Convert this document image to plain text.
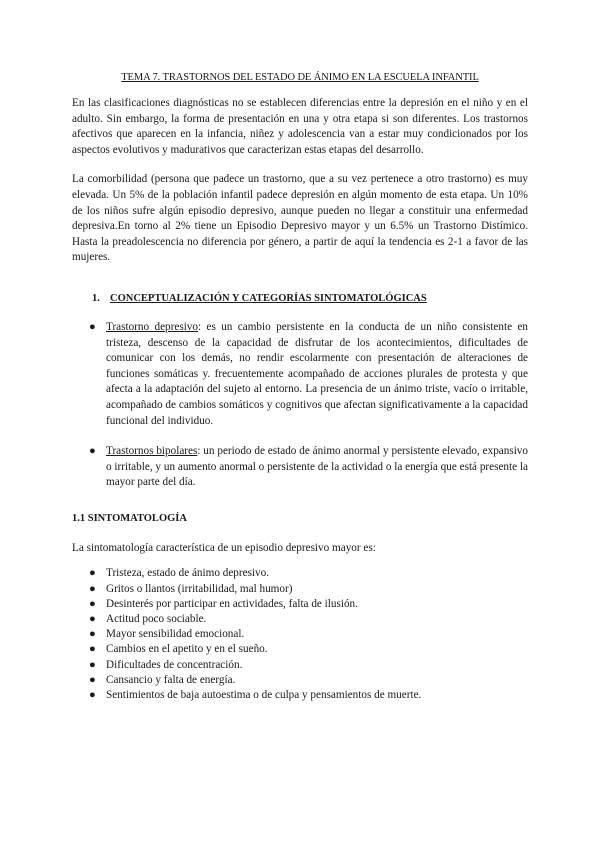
TEMA 7. TRASTORNOS DEL ESTADO DE ÁNIMO EN LA ESCUELA INFANTIL

En las clasificaciones diagnósticas no se establecen diferencias entre la depresión en el niño y en el adulto. Sin embargo, la forma de presentación en una y otra etapa si son diferentes. Los trastornos afectivos que aparecen en la infancia, niñez y adolescencia van a estar muy condicionados por los aspectos evolutivos y madurativos que caracterizan estas etapas del desarrollo.

La comorbilidad (persona que padece un trastorno, que a su vez pertenece a otro trastorno) es muy elevada. Un 5% de la población infantil padece depresión en algún momento de esta etapa. Un 10% de los niños sufre algún episodio depresivo, aunque pueden no llegar a constituir una enfermedad depresiva.En torno al 2% tiene un Episodio Depresivo mayor y un 6.5% un Trastorno Distímico. Hasta la preadolescencia no diferencia por género, a partir de aquí la tendencia es 2-1 a favor de las mujeres.

1. CONCEPTUALIZACIÓN Y CATEGORÍAS SINTOMATOLÓGICAS
● Trastorno depresivo: es un cambio persistente en la conducta de un niño consistente en tristeza, descenso de la capacidad de disfrutar de los acontecimientos, dificultades de comunicar con los demás, no rendir escolarmente con presentación de alteraciones de funciones somáticas y. frecuentemente acompañado de acciones plurales de protesta y que afecta a la adaptación del sujeto al entorno. La presencia de un ánimo triste, vacío o irritable, acompañado de cambios somáticos y cognitivos que afectan significativamente a la capacidad funcional del individuo.
● Trastornos bipolares: un periodo de estado de ánimo anormal y persistente elevado, expansivo o irritable, y un aumento anormal o persistente de la actividad o la energía que está presente la mayor parte del día.
1.1 SINTOMATOLOGÍA

La sintomatología característica de un episodio depresivo mayor es:

● Tristeza, estado de ánimo depresivo.
● Gritos o llantos (irritabilidad, mal humor)
● Desinterés por participar en actividades, falta de ilusión.
● Actitud poco sociable.
● Mayor sensibilidad emocional.
● Cambios en el apetito y en el sueño.
● Dificultades de concentración.
● Cansancio y falta de energía.
● Sentimientos de baja autoestima o de culpa y pensamientos de muerte.
